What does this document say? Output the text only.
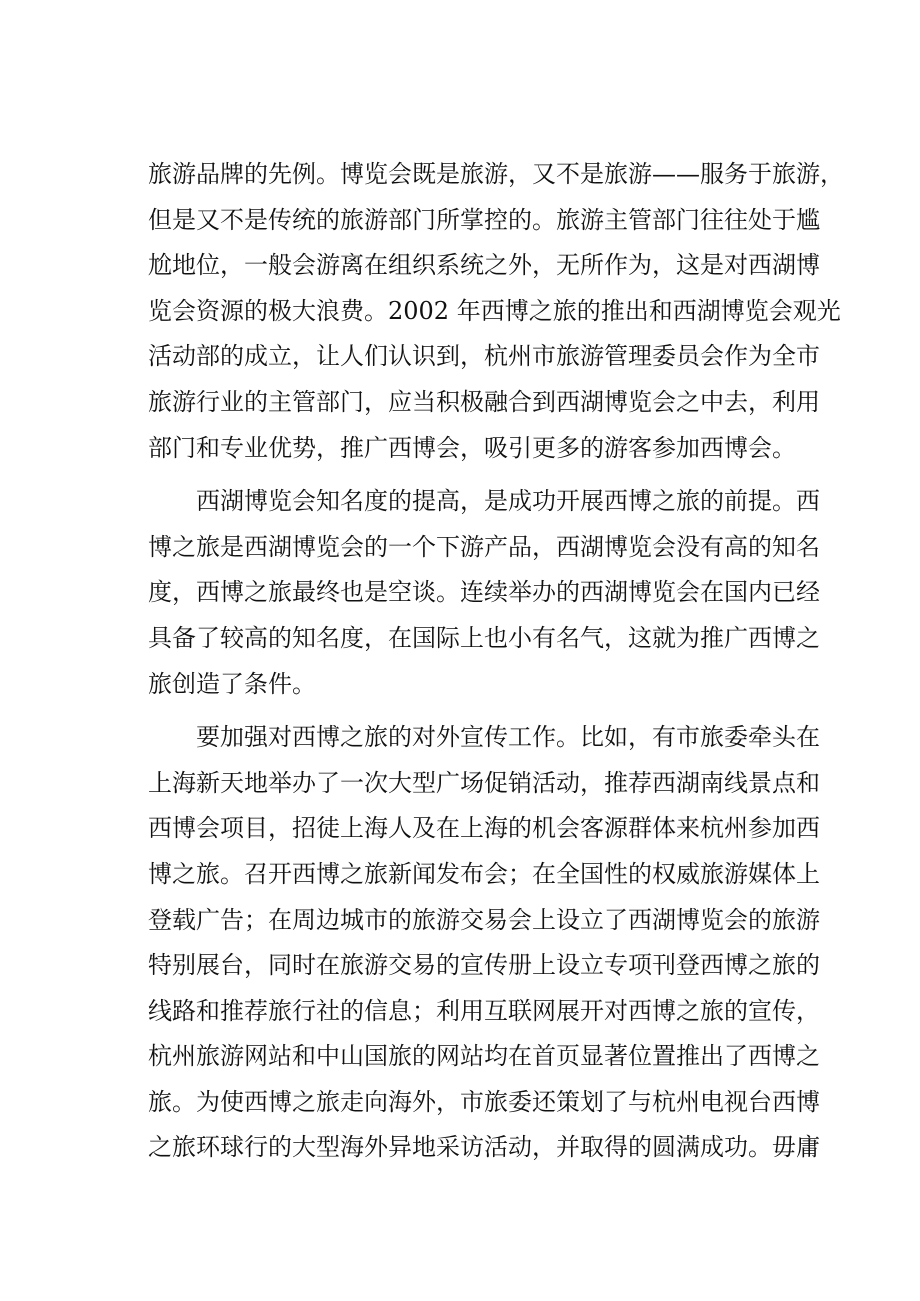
旅游品牌的先例。博览会既是旅游，又不是旅游——服务于旅游，
但是又不是传统的旅游部门所掌控的。旅游主管部门往往处于尴
尬地位，一般会游离在组织系统之外，无所作为，这是对西湖博
览会资源的极大浪费。2002 年西博之旅的推出和西湖博览会观光
活动部的成立，让人们认识到，杭州市旅游管理委员会作为全市
旅游行业的主管部门，应当积极融合到西湖博览会之中去，利用
部门和专业优势，推广西博会，吸引更多的游客参加西博会。
西湖博览会知名度的提高，是成功开展西博之旅的前提。西
博之旅是西湖博览会的一个下游产品，西湖博览会没有高的知名
度，西博之旅最终也是空谈。连续举办的西湖博览会在国内已经
具备了较高的知名度，在国际上也小有名气，这就为推广西博之
旅创造了条件。
要加强对西博之旅的对外宣传工作。比如，有市旅委牵头在
上海新天地举办了一次大型广场促销活动，推荐西湖南线景点和
西博会项目，招徒上海人及在上海的机会客源群体来杭州参加西
博之旅。召开西博之旅新闻发布会；在全国性的权威旅游媒体上
登载广告；在周边城市的旅游交易会上设立了西湖博览会的旅游
特别展台，同时在旅游交易的宣传册上设立专项刊登西博之旅的
线路和推荐旅行社的信息；利用互联网展开对西博之旅的宣传，
杭州旅游网站和中山国旅的网站均在首页显著位置推出了西博之
旅。为使西博之旅走向海外，市旅委还策划了与杭州电视台西博
之旅环球行的大型海外异地采访活动，并取得的圆满成功。毋庸
